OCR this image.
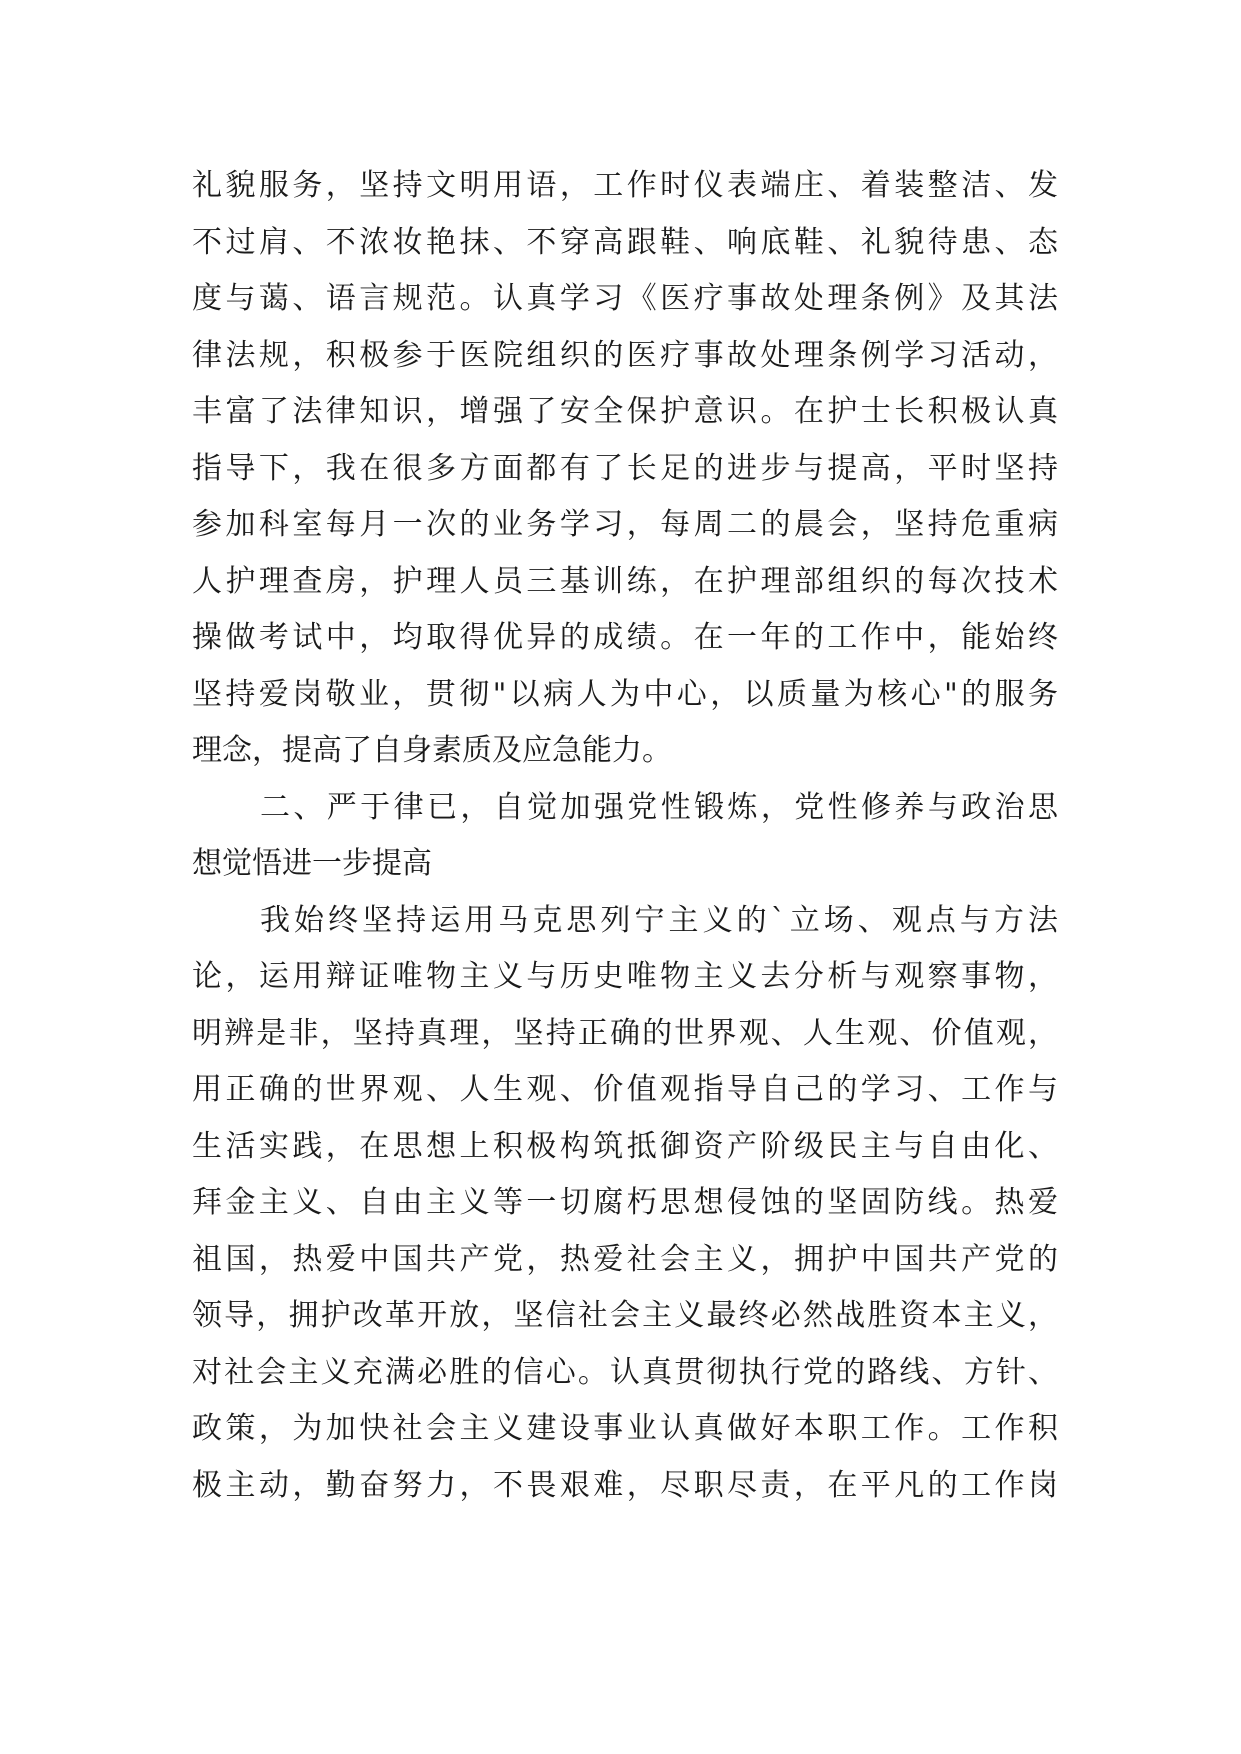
礼貌服务，坚持文明用语，工作时仪表端庄、着装整洁、发
不过肩、不浓妆艳抹、不穿高跟鞋、响底鞋、礼貌待患、态
度与蔼、语言规范。认真学习《医疗事故处理条例》及其法
律法规，积极参于医院组织的医疗事故处理条例学习活动，
丰富了法律知识，增强了安全保护意识。在护士长积极认真
指导下，我在很多方面都有了长足的进步与提高，平时坚持
参加科室每月一次的业务学习，每周二的晨会，坚持危重病
人护理查房，护理人员三基训练，在护理部组织的每次技术
操做考试中，均取得优异的成绩。在一年的工作中，能始终
坚持爱岗敬业，贯彻"以病人为中心，以质量为核心"的服务
理念，提高了自身素质及应急能力。
二、严于律已，自觉加强党性锻炼，党性修养与政治思
想觉悟进一步提高
我始终坚持运用马克思列宁主义的`立场、观点与方法
论，运用辩证唯物主义与历史唯物主义去分析与观察事物，
明辨是非，坚持真理，坚持正确的世界观、人生观、价值观，
用正确的世界观、人生观、价值观指导自己的学习、工作与
生活实践，在思想上积极构筑抵御资产阶级民主与自由化、
拜金主义、自由主义等一切腐朽思想侵蚀的坚固防线。热爱
祖国，热爱中国共产党，热爱社会主义，拥护中国共产党的
领导，拥护改革开放，坚信社会主义最终必然战胜资本主义，
对社会主义充满必胜的信心。认真贯彻执行党的路线、方针、
政策，为加快社会主义建设事业认真做好本职工作。工作积
极主动，勤奋努力，不畏艰难，尽职尽责，在平凡的工作岗
